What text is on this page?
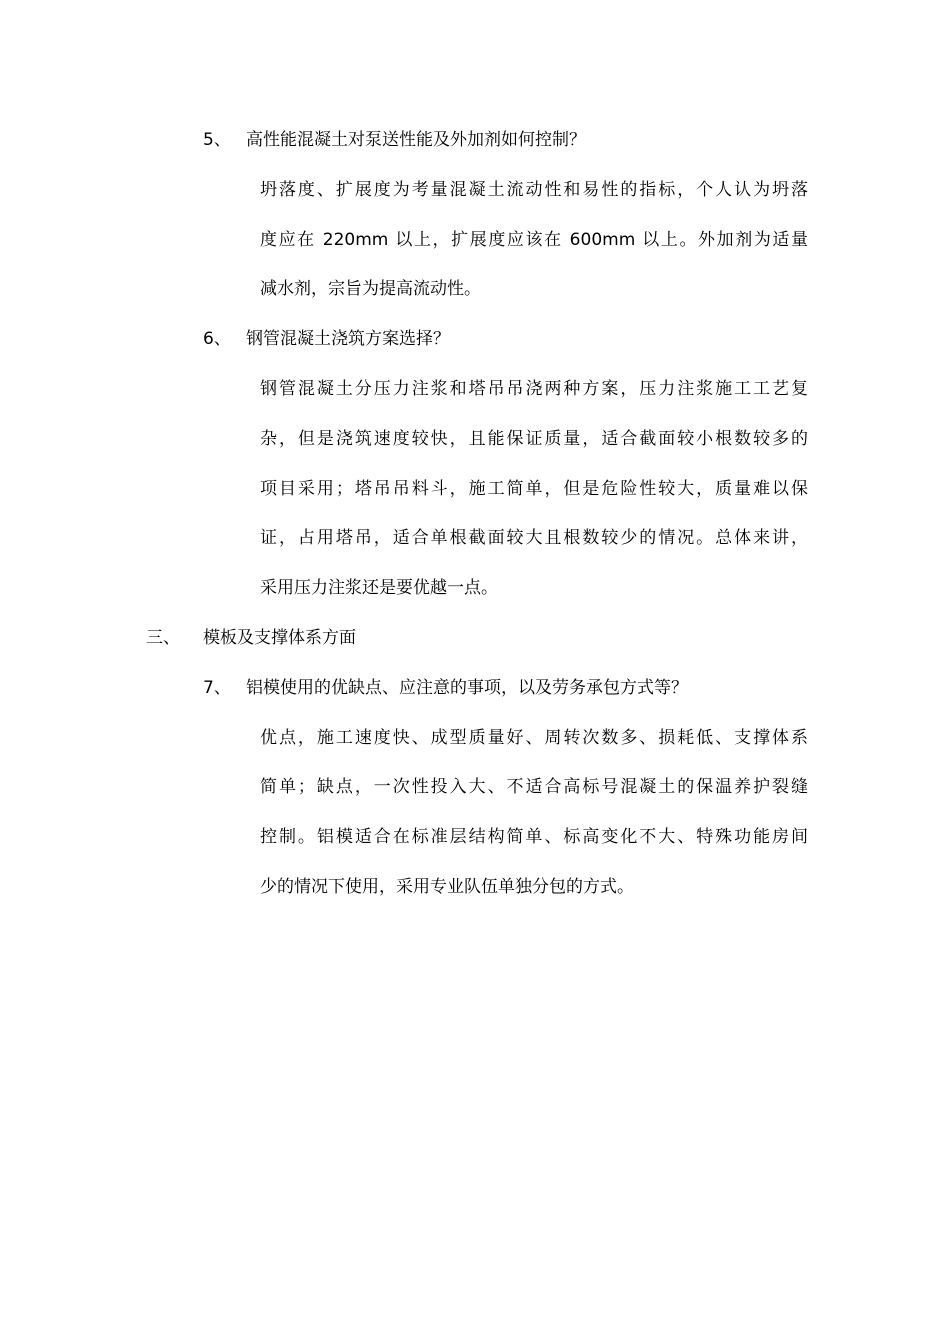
5、 高性能混凝土对泵送性能及外加剂如何控制？
坍落度、扩展度为考量混凝土流动性和易性的指标，个人认为坍落
度应在 220mm 以上，扩展度应该在 600mm 以上。外加剂为适量
减水剂，宗旨为提高流动性。
6、 钢管混凝土浇筑方案选择？
钢管混凝土分压力注浆和塔吊吊浇两种方案，压力注浆施工工艺复
杂，但是浇筑速度较快，且能保证质量，适合截面较小根数较多的
项目采用；塔吊吊料斗，施工简单，但是危险性较大，质量难以保
证，占用塔吊，适合单根截面较大且根数较少的情况。总体来讲，
采用压力注浆还是要优越一点。
三、 模板及支撑体系方面
7、 铝模使用的优缺点、应注意的事项，以及劳务承包方式等？
优点，施工速度快、成型质量好、周转次数多、损耗低、支撑体系
简单；缺点，一次性投入大、不适合高标号混凝土的保温养护裂缝
控制。铝模适合在标准层结构简单、标高变化不大、特殊功能房间
少的情况下使用，采用专业队伍单独分包的方式。
